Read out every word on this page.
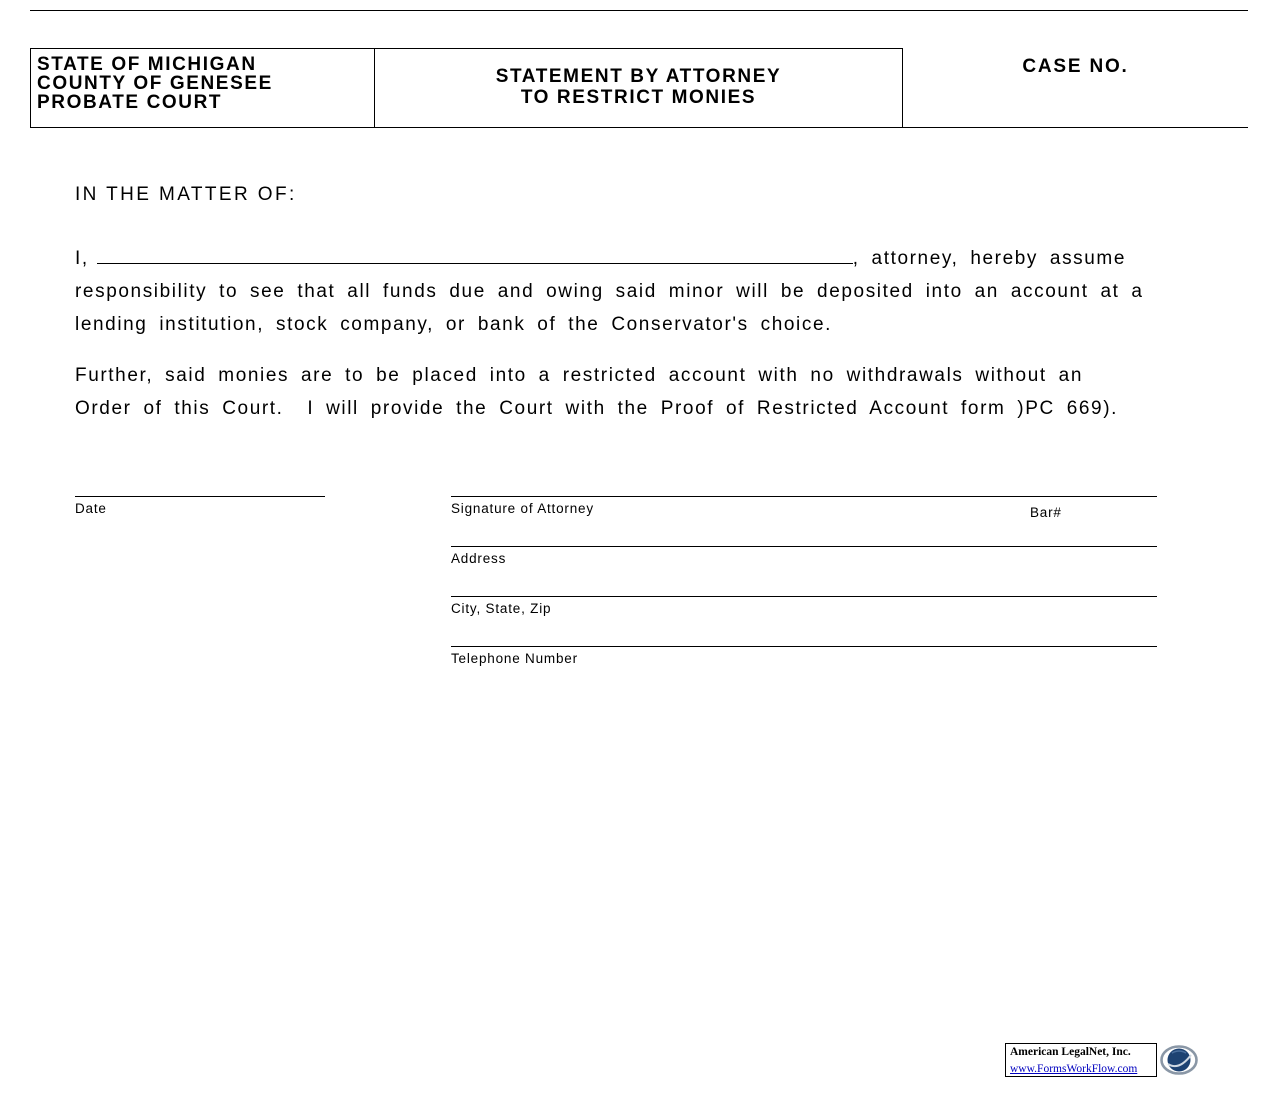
STATE OF MICHIGAN
COUNTY OF GENESEE
PROBATE COURT
STATEMENT BY ATTORNEY
TO RESTRICT MONIES
CASE NO.
IN THE MATTER OF:
I,	, attorney, hereby assume
responsibility to see that all funds due and owing said minor will be deposited into an account at a
lending institution, stock company, or bank of the Conservator's choice.
Further, said monies are to be placed into a restricted account with no withdrawals without an
Order of this Court.  I will provide the Court with the Proof of Restricted Account form )PC 669).
Date	Signature of Attorney	Bar#
Address
City, State, Zip
Telephone Number
American LegalNet, Inc.
www.FormsWorkFlow.com
